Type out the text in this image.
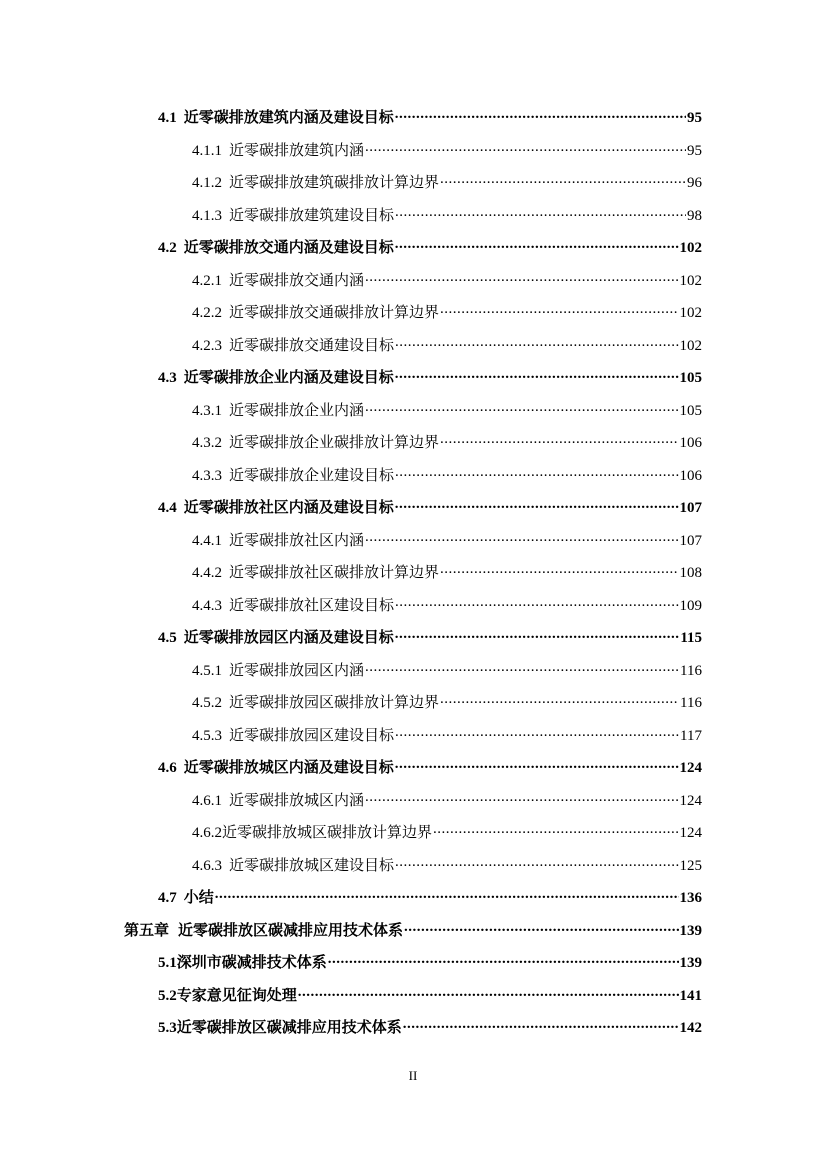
4.1 近零碳排放建筑内涵及建设目标 .....	95
4.1.1 近零碳排放建筑内涵 .....	95
4.1.2 近零碳排放建筑碳排放计算边界 .....	96
4.1.3 近零碳排放建筑建设目标 .....	98
4.2 近零碳排放交通内涵及建设目标 .....	102
4.2.1 近零碳排放交通内涵 .....	102
4.2.2 近零碳排放交通碳排放计算边界 .....	102
4.2.3 近零碳排放交通建设目标 .....	102
4.3 近零碳排放企业内涵及建设目标 .....	105
4.3.1 近零碳排放企业内涵 .....	105
4.3.2 近零碳排放企业碳排放计算边界 .....	106
4.3.3 近零碳排放企业建设目标 .....	106
4.4 近零碳排放社区内涵及建设目标 .....	107
4.4.1 近零碳排放社区内涵 .....	107
4.4.2 近零碳排放社区碳排放计算边界 .....	108
4.4.3 近零碳排放社区建设目标 .....	109
4.5 近零碳排放园区内涵及建设目标 .....	115
4.5.1 近零碳排放园区内涵 .....	116
4.5.2 近零碳排放园区碳排放计算边界 .....	116
4.5.3 近零碳排放园区建设目标 .....	117
4.6 近零碳排放城区内涵及建设目标 .....	124
4.6.1 近零碳排放城区内涵 .....	124
4.6.2 近零碳排放城区碳排放计算边界 .....	124
4.6.3 近零碳排放城区建设目标 .....	125
4.7 小结 .....	136
第五章 近零碳排放区碳减排应用技术体系 .....	139
5.1 深圳市碳减排技术体系 .....	139
5.2 专家意见征询处理 .....	141
5.3 近零碳排放区碳减排应用技术体系 .....	142
II
